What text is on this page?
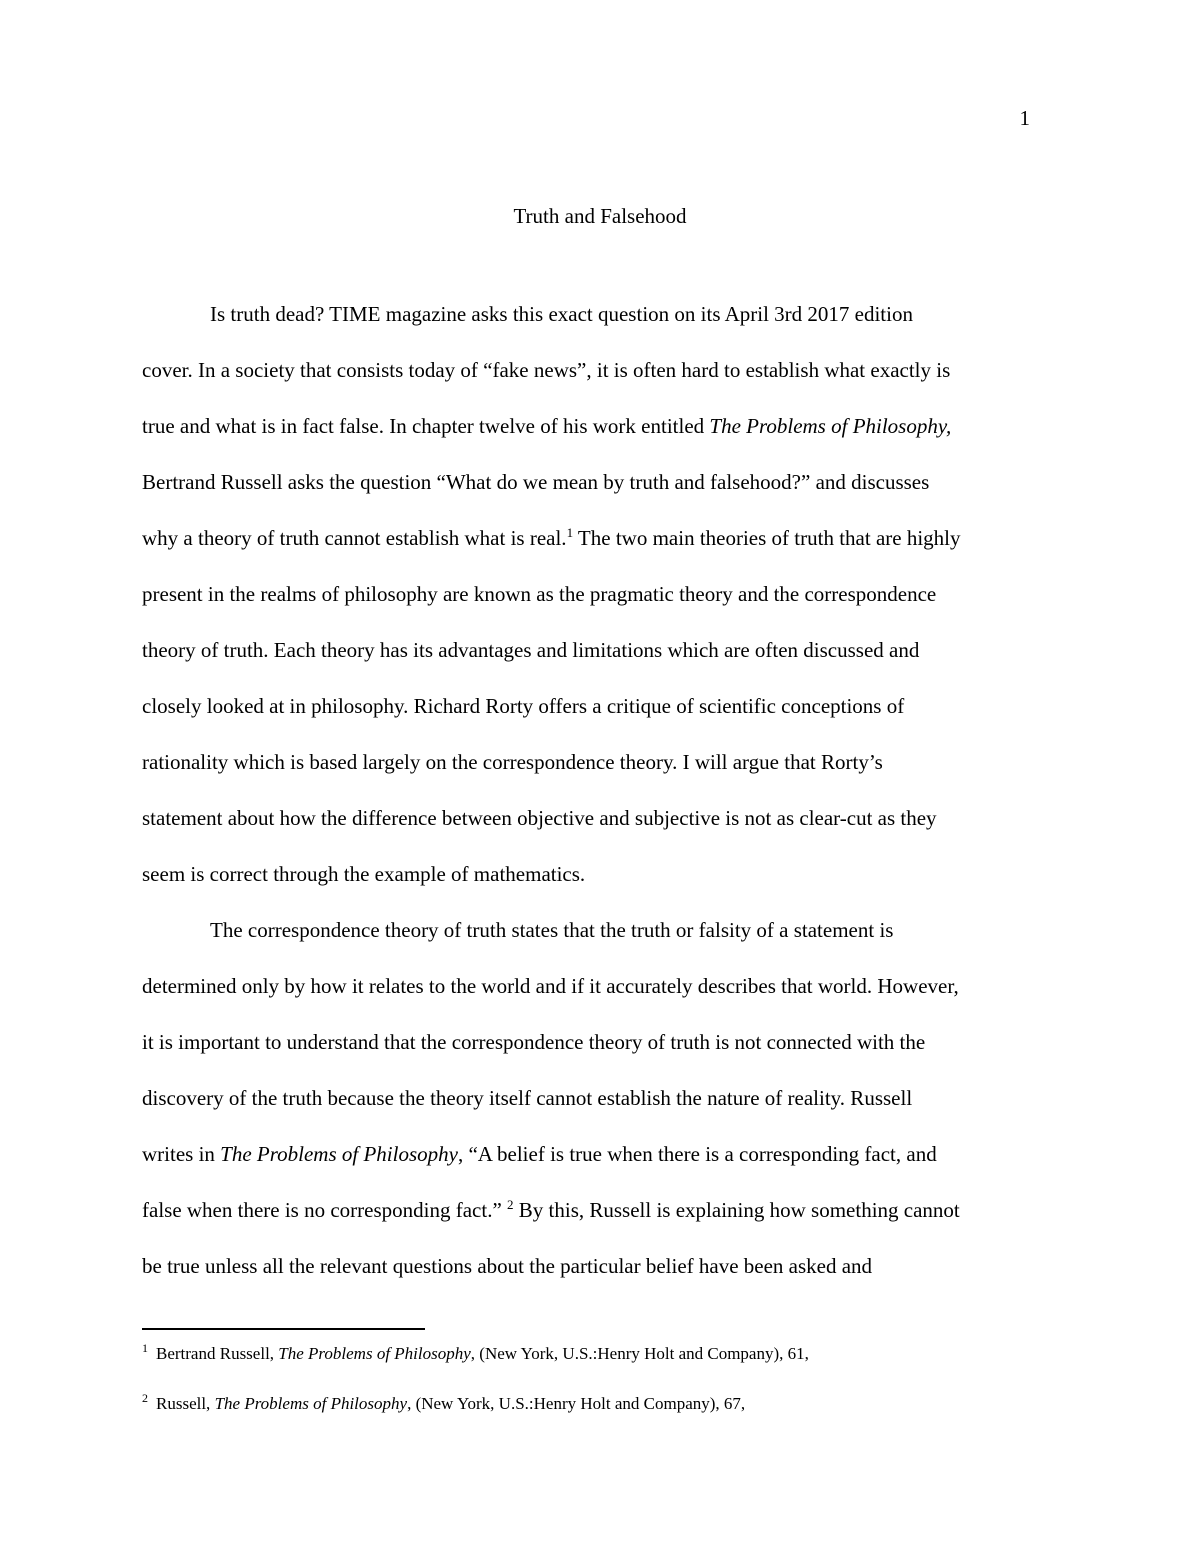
1
Truth and Falsehood
Is truth dead? TIME magazine asks this exact question on its April 3rd 2017 edition
cover. In a society that consists today of “fake news”, it is often hard to establish what exactly is
true and what is in fact false. In chapter twelve of his work entitled The Problems of Philosophy,
Bertrand Russell asks the question “What do we mean by truth and falsehood?” and discusses
why a theory of truth cannot establish what is real.$^1$ The two main theories of truth that are highly
present in the realms of philosophy are known as the pragmatic theory and the correspondence
theory of truth. Each theory has its advantages and limitations which are often discussed and
closely looked at in philosophy. Richard Rorty offers a critique of scientific conceptions of
rationality which is based largely on the correspondence theory. I will argue that Rorty’s
statement about how the difference between objective and subjective is not as clear-cut as they
seem is correct through the example of mathematics.
The correspondence theory of truth states that the truth or falsity of a statement is
determined only by how it relates to the world and if it accurately describes that world. However,
it is important to understand that the correspondence theory of truth is not connected with the
discovery of the truth because the theory itself cannot establish the nature of reality. Russell
writes in The Problems of Philosophy, “A belief is true when there is a corresponding fact, and
false when there is no corresponding fact.” $^2$ By this, Russell is explaining how something cannot
be true unless all the relevant questions about the particular belief have been asked and
$^1$ Bertrand Russell, The Problems of Philosophy, (New York, U.S.:Henry Holt and Company), 61,
$^2$ Russell, The Problems of Philosophy, (New York, U.S.:Henry Holt and Company), 67,
